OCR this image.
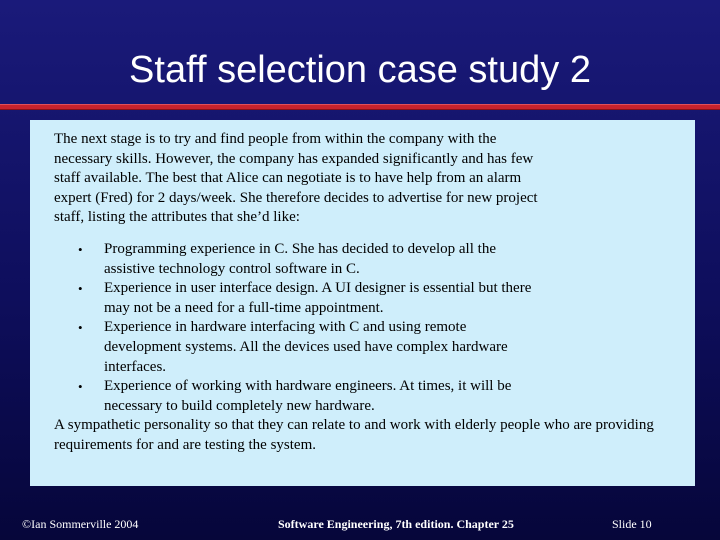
Staff selection case study 2

The next stage is to try and find people from within the company with the necessary skills. However, the company has expanded significantly and has few staff available. The best that Alice can negotiate is to have help from an alarm expert (Fred) for 2 days/week. She therefore decides to advertise for new project staff, listing the attributes that she’d like:

• Programming experience in C. She has decided to develop all the assistive technology control software in C.
• Experience in user interface design. A UI designer is essential but there may not be a need for a full-time appointment.
• Experience in hardware interfacing with C and using remote development systems. All the devices used have complex hardware interfaces.
• Experience of working with hardware engineers. At times, it will be necessary to build completely new hardware.

A sympathetic personality so that they can relate to and work with elderly people who are providing requirements for and are testing the system.

©Ian Sommerville 2004	Software Engineering, 7th edition. Chapter 25	Slide 10
